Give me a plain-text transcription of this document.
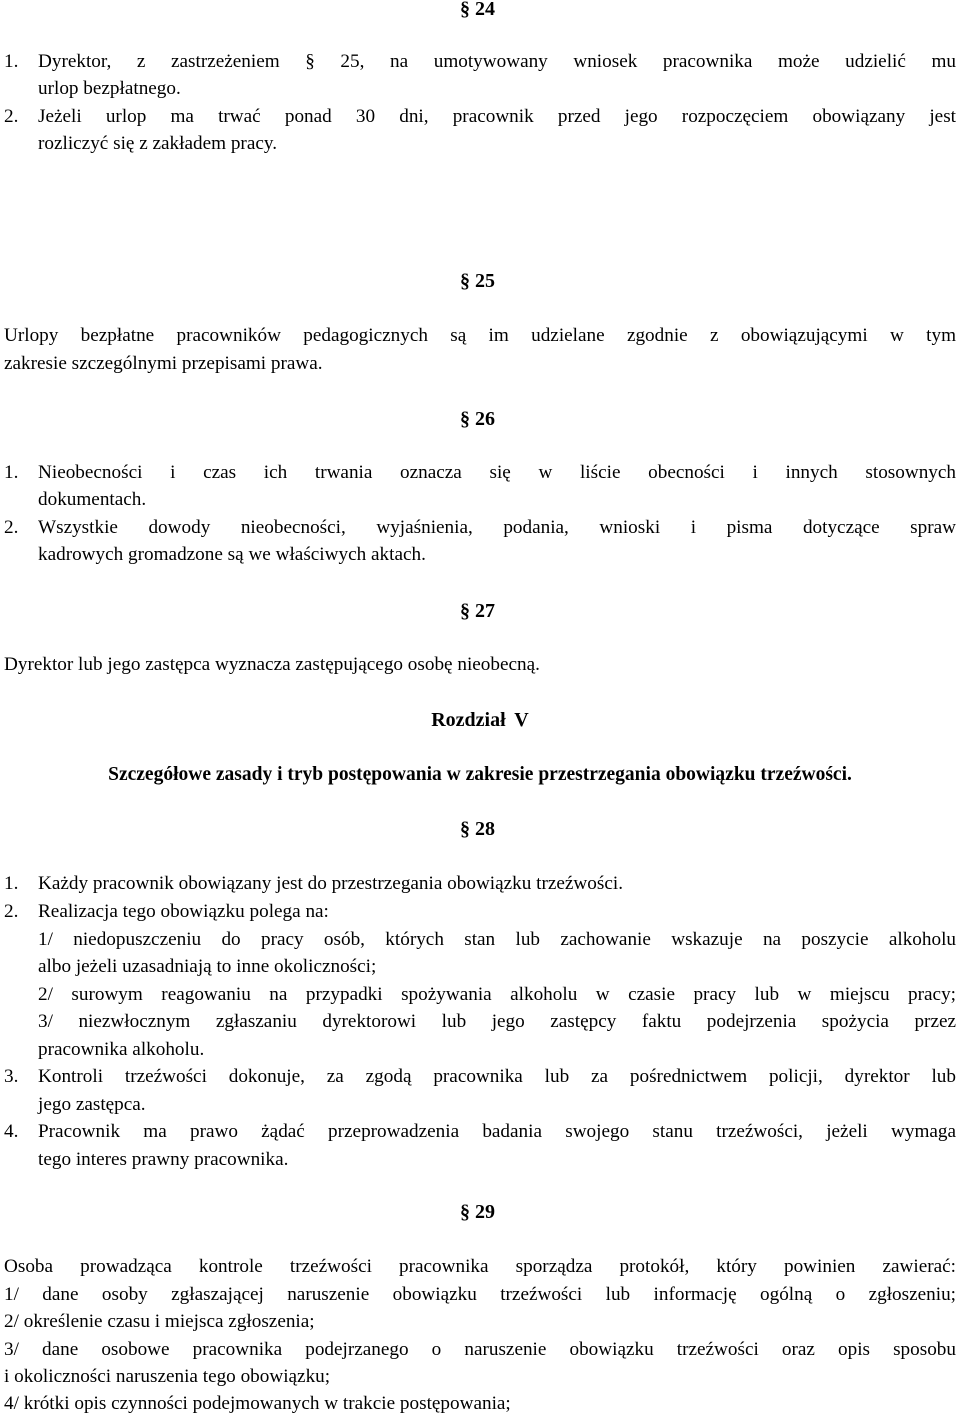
§ 24
1. Dyrektor, z zastrzeżeniem § 25, na umotywowany wniosek pracownika może udzielić mu
urlop bezpłatnego.
2. Jeżeli urlop ma trwać ponad 30 dni, pracownik przed jego rozpoczęciem obowiązany jest
rozliczyć się z zakładem pracy.
§ 25
Urlopy bezpłatne pracowników pedagogicznych są im udzielane zgodnie z obowiązującymi w tym
zakresie szczególnymi przepisami prawa.
§ 26
1. Nieobecności i czas ich trwania oznacza się w liście obecności i innych stosownych
dokumentach.
2. Wszystkie dowody nieobecności, wyjaśnienia, podania, wnioski i pisma dotyczące spraw
kadrowych gromadzone są we właściwych aktach.
§ 27
Dyrektor lub jego zastępca wyznacza zastępującego osobę nieobecną.
Rozdział V
Szczegółowe zasady i tryb postępowania w zakresie przestrzegania obowiązku trzeźwości.
§ 28
1. Każdy pracownik obowiązany jest do przestrzegania obowiązku trzeźwości.
2. Realizacja tego obowiązku polega na:
1/ niedopuszczeniu do pracy osób, których stan lub zachowanie wskazuje na poszycie alkoholu
albo jeżeli uzasadniają to inne okoliczności;
2/ surowym reagowaniu na przypadki spożywania alkoholu w czasie pracy lub w miejscu pracy;
3/ niezwłocznym zgłaszaniu dyrektorowi lub jego zastępcy faktu podejrzenia spożycia przez
pracownika alkoholu.
3. Kontroli trzeźwości dokonuje, za zgodą pracownika lub za pośrednictwem policji, dyrektor lub
jego zastępca.
4. Pracownik ma prawo żądać przeprowadzenia badania swojego stanu trzeźwości, jeżeli wymaga
tego interes prawny pracownika.
§ 29
Osoba prowadząca kontrole trzeźwości pracownika sporządza protokół, który powinien zawierać:
1/ dane osoby zgłaszającej naruszenie obowiązku trzeźwości lub informację ogólną o zgłoszeniu;
2/ określenie czasu i miejsca zgłoszenia;
3/ dane osobowe pracownika podejrzanego o naruszenie obowiązku trzeźwości oraz opis sposobu
i okoliczności naruszenia tego obowiązku;
4/ krótki opis czynności podejmowanych w trakcie postępowania;
